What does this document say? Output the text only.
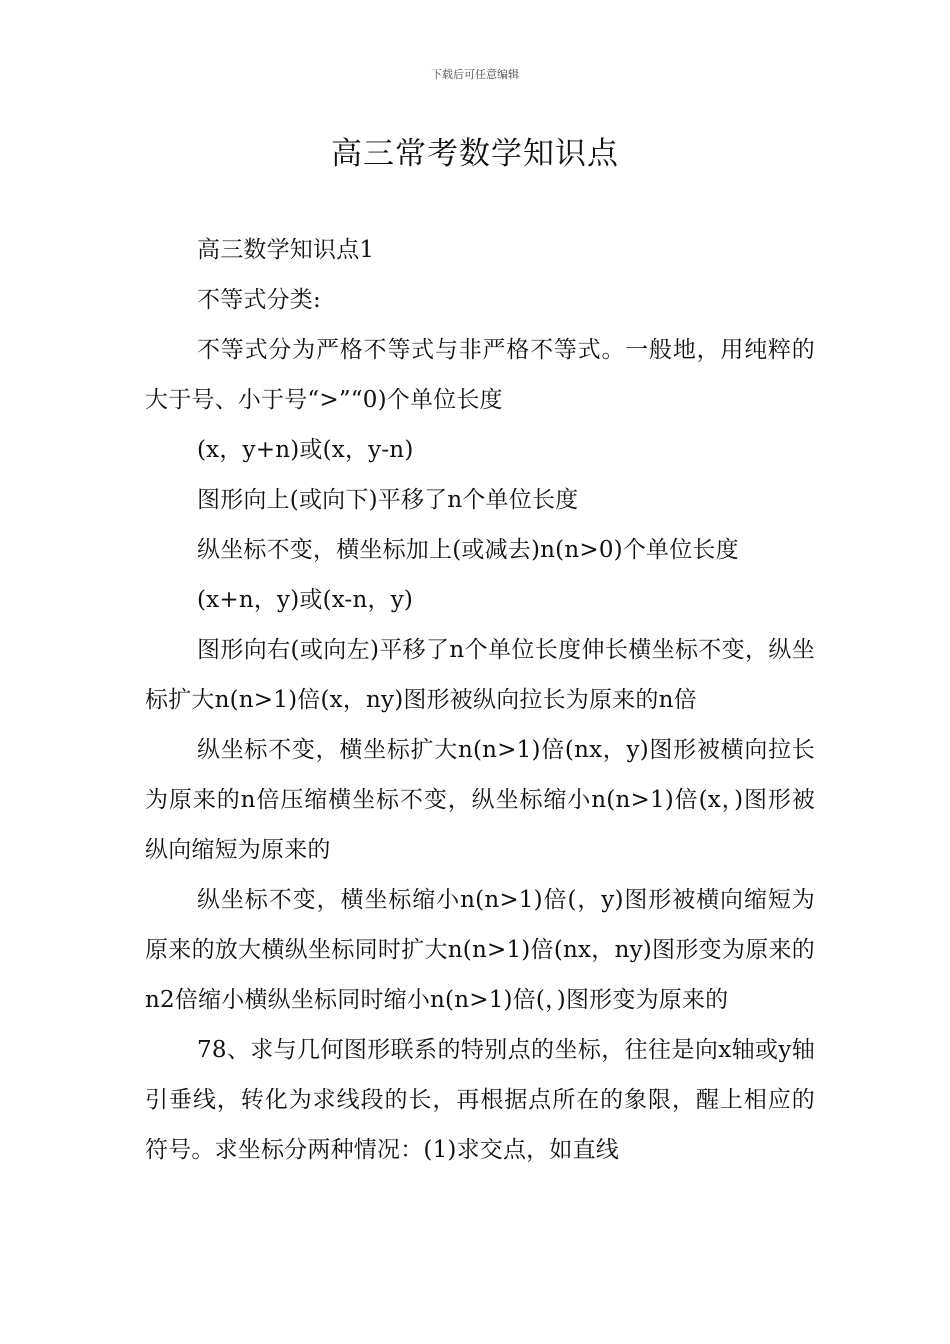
下载后可任意编辑
高三常考数学知识点

高三数学知识点1

不等式分类:

不等式分为严格不等式与非严格不等式。一般地，用纯粹的大于号、小于号“>”“0)个单位长度

(x，y+n)或(x，y-n)

图形向上(或向下)平移了n个单位长度

纵坐标不变，横坐标加上(或减去)n(n>0)个单位长度

(x+n，y)或(x-n，y)

图形向右(或向左)平移了n个单位长度伸长横坐标不变，纵坐标扩大n(n>1)倍(x，ny)图形被纵向拉长为原来的n倍

纵坐标不变，横坐标扩大n(n>1)倍(nx，y)图形被横向拉长为原来的n倍压缩横坐标不变，纵坐标缩小n(n>1)倍(x，)图形被纵向缩短为原来的

纵坐标不变，横坐标缩小n(n>1)倍(，y)图形被横向缩短为原来的放大横纵坐标同时扩大n(n>1)倍(nx，ny)图形变为原来的n2倍缩小横纵坐标同时缩小n(n>1)倍(，)图形变为原来的

78、求与几何图形联系的特别点的坐标，往往是向x轴或y轴引垂线，转化为求线段的长，再根据点所在的象限，醒上相应的符号。求坐标分两种情况：(1)求交点，如直线
